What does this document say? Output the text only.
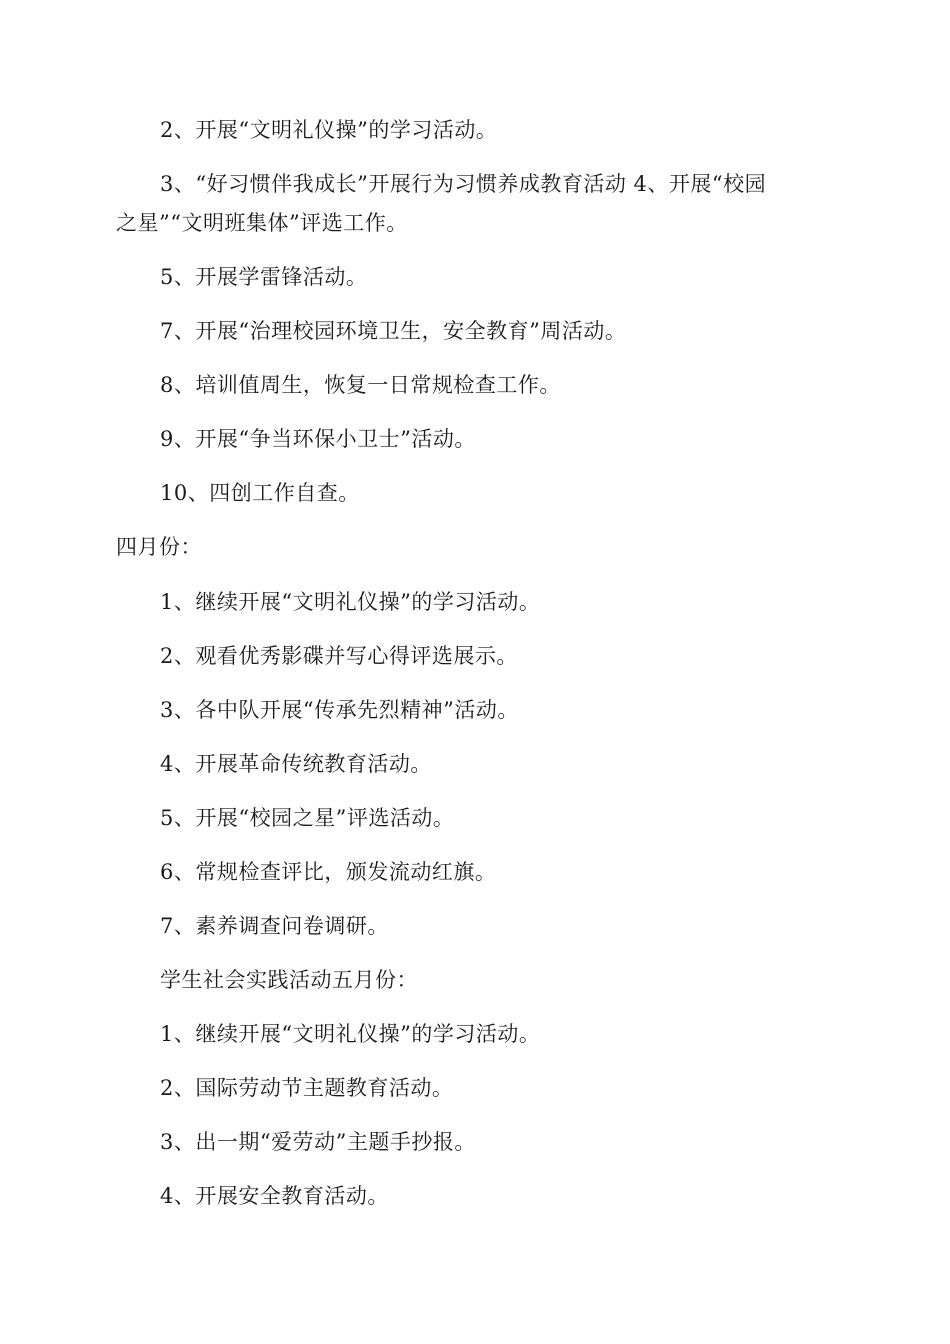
2、开展“文明礼仪操”的学习活动。
3、“好习惯伴我成长”开展行为习惯养成教育活动 4、开展“校园
之星”“文明班集体”评选工作。
5、开展学雷锋活动。
7、开展“治理校园环境卫生，安全教育”周活动。
8、培训值周生，恢复一日常规检查工作。
9、开展“争当环保小卫士”活动。
10、四创工作自查。
四月份：
1、继续开展“文明礼仪操”的学习活动。
2、观看优秀影碟并写心得评选展示。
3、各中队开展“传承先烈精神”活动。
4、开展革命传统教育活动。
5、开展“校园之星”评选活动。
6、常规检查评比，颁发流动红旗。
7、素养调查问卷调研。
学生社会实践活动五月份：
1、继续开展“文明礼仪操”的学习活动。
2、国际劳动节主题教育活动。
3、出一期“爱劳动”主题手抄报。
4、开展安全教育活动。
